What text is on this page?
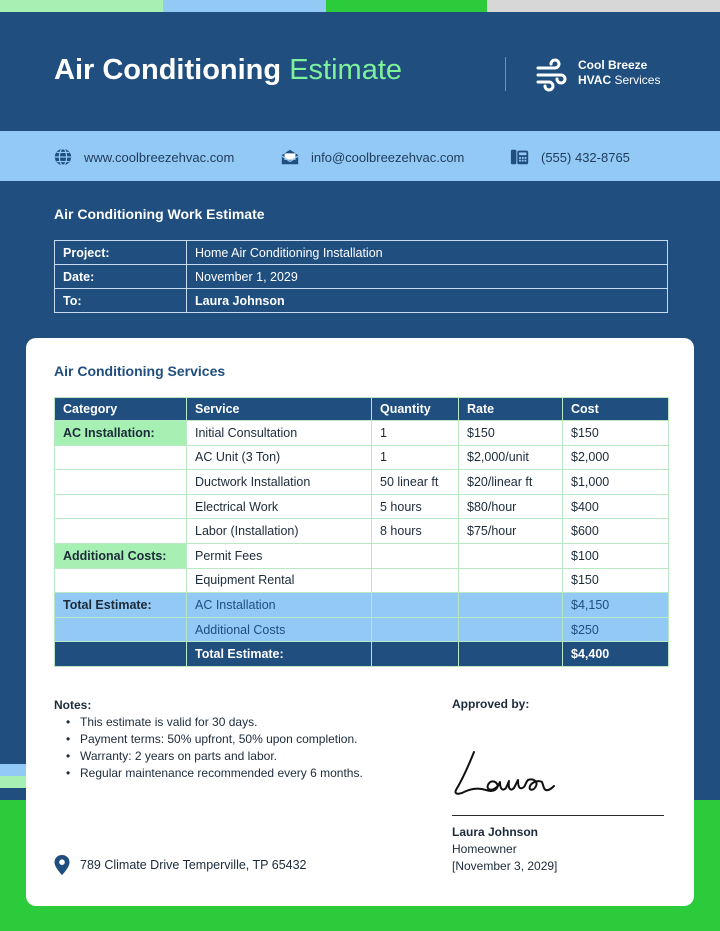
Air Conditioning Estimate	Cool Breeze
HVAC Services
www.coolbreezehvac.com	info@coolbreezehvac.com	(555) 432-8765
Air Conditioning Work Estimate
Project:	Home Air Conditioning Installation
Date:	November 1, 2029
To:	Laura Johnson
Air Conditioning Services
Category	Service	Quantity	Rate	Cost
AC Installation:	Initial Consultation	1	$150	$150
	AC Unit (3 Ton)	1	$2,000/unit	$2,000
	Ductwork Installation	50 linear ft	$20/linear ft	$1,000
	Electrical Work	5 hours	$80/hour	$400
	Labor (Installation)	8 hours	$75/hour	$600
Additional Costs:	Permit Fees			$100
	Equipment Rental			$150
Total Estimate:	AC Installation			$4,150
	Additional Costs			$250
	Total Estimate:			$4,400
Notes:
• This estimate is valid for 30 days.
• Payment terms: 50% upfront, 50% upon completion.
• Warranty: 2 years on parts and labor.
• Regular maintenance recommended every 6 months.
789 Climate Drive Temperville, TP 65432
Approved by:
Laura Johnson
Homeowner
[November 3, 2029]
